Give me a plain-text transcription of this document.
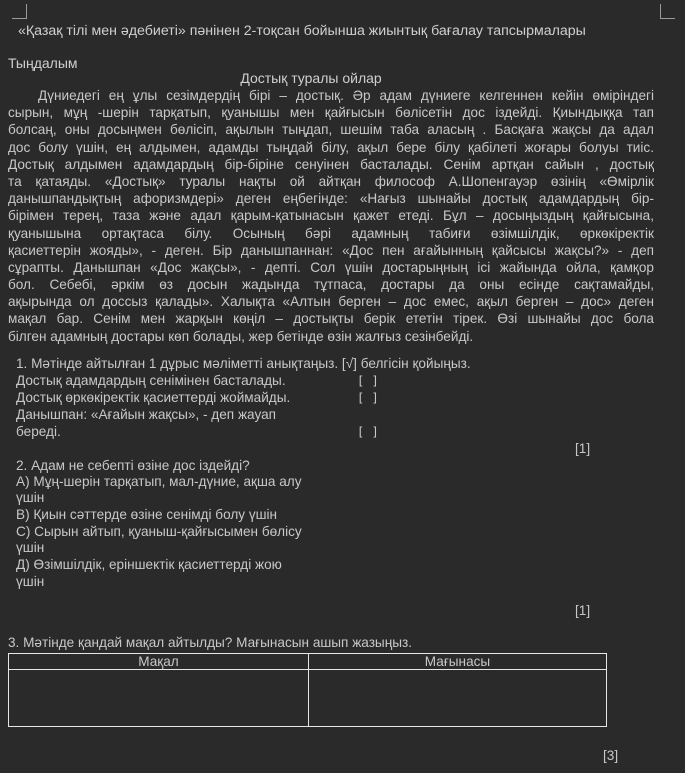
«Қазақ тілі мен әдебиеті» пәнінен 2-тоқсан бойынша жиынтық бағалау тапсырмалары
Тыңдалым
Достық туралы ойлар
Дүниедегі ең ұлы сезімдердің бірі – достық. Әр адам дүниеге келгеннен кейін өміріндегі
сырын, мұң -шерін тарқатып, қуанышы мен қайғысын бөлісетін дос іздейді. Қиындыққа тап
болсаң, оны досыңмен бөлісіп, ақылын тыңдап, шешім таба аласың . Басқаға жақсы да адал
дос болу үшін, ең алдымен, адамды тыңдай білу, ақыл бере білу қабілеті жоғары болуы тиіс.
Достық алдымен адамдардың бір-біріне сенуінен басталады. Сенім артқан сайын , достық
та қатаяды. «Достық» туралы нақты ой айтқан философ А.Шопенгауэр өзінің «Өмірлік
данышпандықтың афоризмдері» деген еңбегінде: «Нағыз шынайы достық адамдардың бір-
бірімен терең, таза және адал қарым-қатынасын қажет етеді. Бұл – досыңыздың қайғысына,
қуанышына ортақтаса білу. Осының бәрі адамның табиғи өзімшілдік, өркөкіректік
қасиеттерін жояды», - деген. Бір данышпаннан: «Дос пен ағайынның қайсысы жақсы?» - деп
сұрапты. Данышпан «Дос жақсы», - депті. Сол үшін достарыңның ісі жайында ойла, қамқор
бол. Себебі, әркім өз досын жадында тұтпаса, достары да оны есінде сақтамайды,
ақырында ол доссыз қалады». Халықта «Алтын берген – дос емес, ақыл берген – дос» деген
мақал бар. Сенім мен жарқын көңіл – достықты берік ететін тірек. Өзі шынайы дос бола
білген адамның достары көп болады, жер бетінде өзін жалғыз сезінбейді.
1. Мәтінде айтылған 1 дұрыс мәліметті анықтаңыз. [√] белгісін қойыңыз.
Достық адамдардың сенімінен басталады.	[ ]
Достық өркөкіректік қасиеттерді жоймайды.	[ ]
Данышпан: «Ағайын жақсы», - деп жауап
береді.	[ ]
[1]
2. Адам не себепті өзіне дос іздейді?
А) Мұң-шерін тарқатып, мал-дүние, ақша алу
үшін
В) Қиын сәттерде өзіне сенімді болу үшін
С) Сырын айтып, қуаныш-қайғысымен бөлісу
үшін
Д) Өзімшілдік, еріншектік қасиеттерді жою
үшін
[1]
3. Мәтінде қандай мақал айтылды? Мағынасын ашып жазыңыз.
Мақал	Мағынасы

[3]
